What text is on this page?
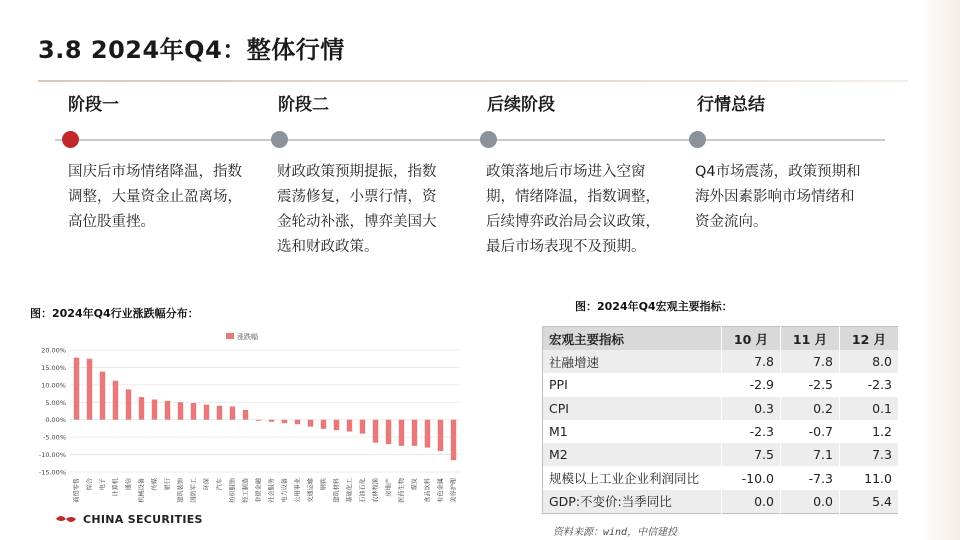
3.8 2024年Q4：整体行情
阶段一	阶段二	后续阶段	行情总结
国庆后市场情绪降温，指数调整，大量资金止盈离场，高位股重挫。
财政政策预期提振，指数震荡修复，小票行情，资金轮动补涨，博弈美国大选和财政政策。
政策落地后市场进入空窗期，情绪降温，指数调整，后续博弈政治局会议政策，最后市场表现不及预期。
Q4市场震荡，政策预期和海外因素影响市场情绪和资金流向。
图：2024年Q4行业涨跌幅分布：
涨跌幅
20.00%
15.00%
10.00%
5.00%
0.00%
-5.00%
-10.00%
-15.00%
商贸零售 综合 电子 计算机 通信 机械设备 传媒 银行 建筑装饰 国防军工 环保 汽车 纺织服饰 轻工制造 非银金融 社会服务 电力设备 公用事业 交通运输 钢铁 建筑材料 基础化工 石油石化 农林牧渔 房地产 医药生物 煤炭 食品饮料 有色金属 美容护理
图：2024年Q4宏观主要指标：
宏观主要指标	10 月	11 月	12 月
社融增速	7.8	7.8	8.0
PPI	-2.9	-2.5	-2.3
CPI	0.3	0.2	0.1
M1	-2.3	-0.7	1.2
M2	7.5	7.1	7.3
规模以上工业企业利润同比	-10.0	-7.3	11.0
GDP:不变价:当季同比	0.0	0.0	5.4
资料来源：wind，中信建投
CHINA SECURITIES
